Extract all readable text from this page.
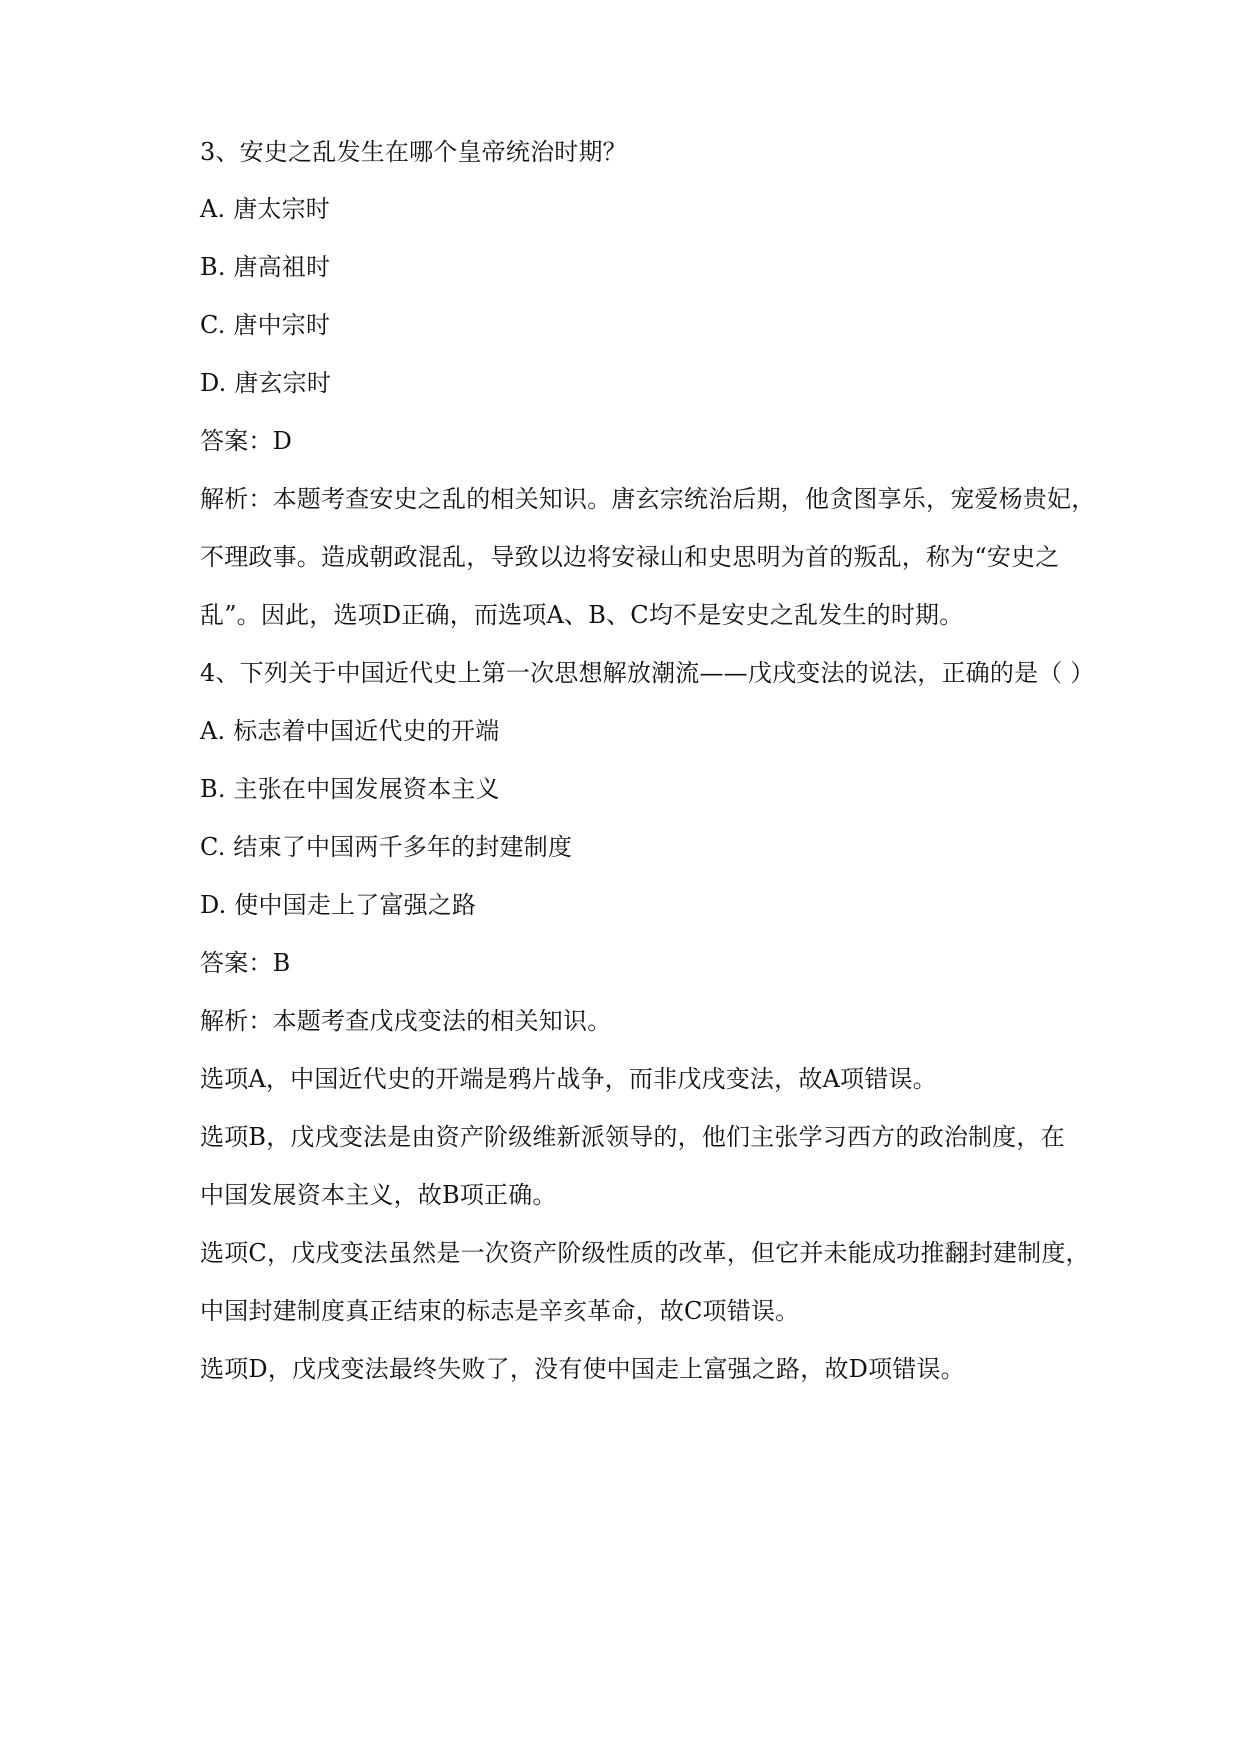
3、安史之乱发生在哪个皇帝统治时期？
A. 唐太宗时
B. 唐高祖时
C. 唐中宗时
D. 唐玄宗时
答案：D
解析：本题考查安史之乱的相关知识。唐玄宗统治后期，他贪图享乐，宠爱杨贵妃，
不理政事。造成朝政混乱，导致以边将安禄山和史思明为首的叛乱，称为“安史之
乱”。因此，选项D正确，而选项A、B、C均不是安史之乱发生的时期。
4、下列关于中国近代史上第一次思想解放潮流——戊戌变法的说法，正确的是（ ）
A. 标志着中国近代史的开端
B. 主张在中国发展资本主义
C. 结束了中国两千多年的封建制度
D. 使中国走上了富强之路
答案：B
解析：本题考查戊戌变法的相关知识。
选项A，中国近代史的开端是鸦片战争，而非戊戌变法，故A项错误。
选项B，戊戌变法是由资产阶级维新派领导的，他们主张学习西方的政治制度，在
中国发展资本主义，故B项正确。
选项C，戊戌变法虽然是一次资产阶级性质的改革，但它并未能成功推翻封建制度，
中国封建制度真正结束的标志是辛亥革命，故C项错误。
选项D，戊戌变法最终失败了，没有使中国走上富强之路，故D项错误。
